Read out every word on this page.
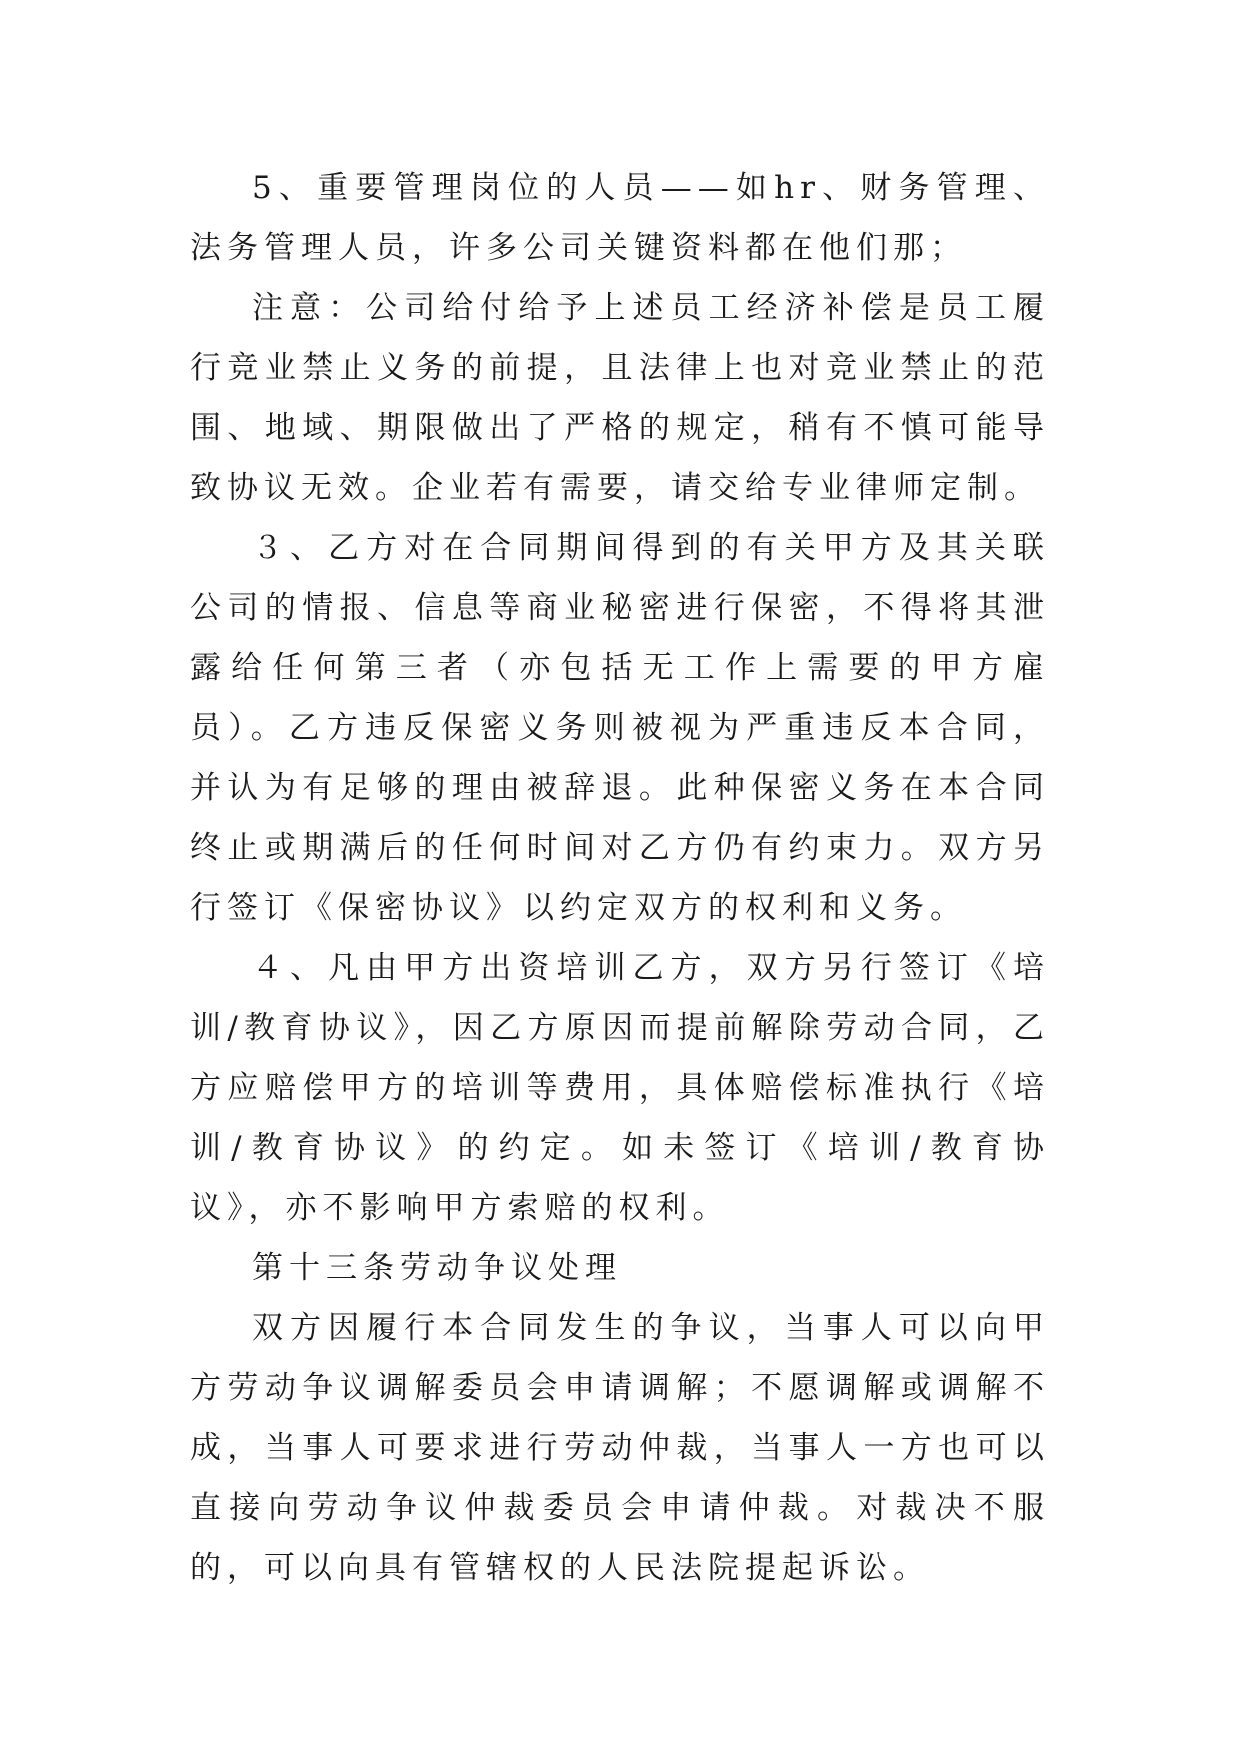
5、重要管理岗位的人员——如hr、财务管理、法务管理人员，许多公司关键资料都在他们那；

注意：公司给付给予上述员工经济补偿是员工履行竞业禁止义务的前提，且法律上也对竞业禁止的范围、地域、期限做出了严格的规定，稍有不慎可能导致协议无效。企业若有需要，请交给专业律师定制。

３、乙方对在合同期间得到的有关甲方及其关联公司的情报、信息等商业秘密进行保密，不得将其泄露给任何第三者（亦包括无工作上需要的甲方雇员）。乙方违反保密义务则被视为严重违反本合同，并认为有足够的理由被辞退。此种保密义务在本合同终止或期满后的任何时间对乙方仍有约束力。双方另行签订《保密协议》以约定双方的权利和义务。

４、凡由甲方出资培训乙方，双方另行签订《培训/教育协议》，因乙方原因而提前解除劳动合同，乙方应赔偿甲方的培训等费用，具体赔偿标准执行《培训/教育协议》的约定。如未签订《培训/教育协议》，亦不影响甲方索赔的权利。

第十三条劳动争议处理

双方因履行本合同发生的争议，当事人可以向甲方劳动争议调解委员会申请调解；不愿调解或调解不成，当事人可要求进行劳动仲裁，当事人一方也可以直接向劳动争议仲裁委员会申请仲裁。对裁决不服的，可以向具有管辖权的人民法院提起诉讼。
